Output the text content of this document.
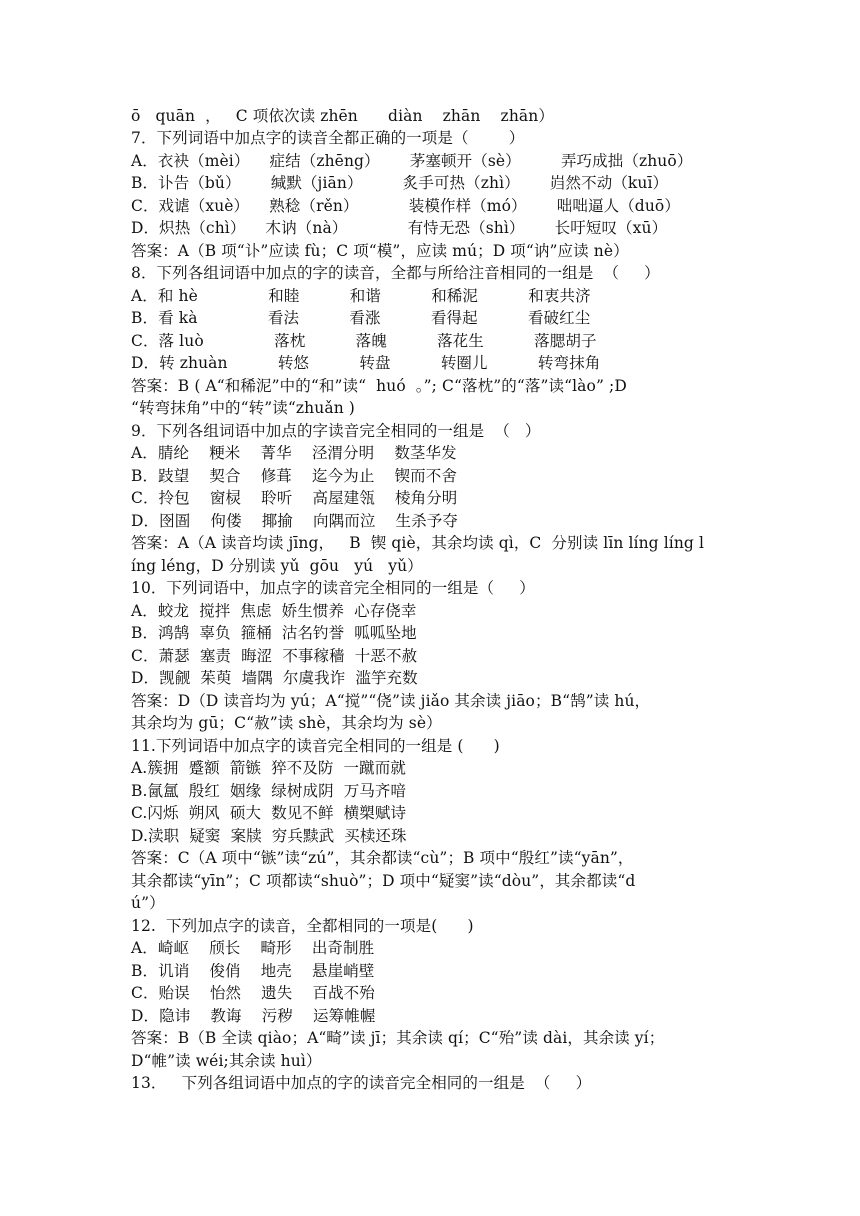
ō   quān  ，   C 项依次读 zhēn      diàn    zhān    zhān）
7．下列词语中加点字的读音全都正确的一项是（        ）
A．衣袂（mèi）    症结（zhēng）      茅塞顿开（sè）        弄巧成拙（zhuō）
B．讣告（bǔ）      缄默（jiān）        炙手可热（zhì）      岿然不动（kuī）
C．戏谑（xuè）    熟稔（rěn）          装模作样（mó）      咄咄逼人（duō）
D．炽热（chì）    木讷（nà）            有恃无恐（shì）      长吁短叹（xū）
答案：A（B 项“讣”应读 fù；C 项“模”，应读 mú；D 项“讷”应读 nè）
8．下列各组词语中加点的字的读音，全都与所给注音相同的一组是  （     ）
A．和 hè              和睦          和谐          和稀泥          和衷共济
B．看 kà              看法          看涨          看得起          看破红尘
C．落 luò              落枕          落魄          落花生          落腮胡子
D．转 zhuàn          转悠          转盘          转圈儿          转弯抹角
答案：B ( A“和稀泥”中的“和”读“  huó  。”; C“落枕”的“落”读“lào” ;D
“转弯抹角”中的“转”读“zhuǎn )
9．下列各组词语中加点的字读音完全相同的一组是  （   ）
A．腈纶    粳米    菁华    泾渭分明    数茎华发
B．跂望    契合    修葺    迄今为止    锲而不舍
C．拎包    窗棂    聆听    高屋建瓴    棱角分明
D．囹圄    佝偻    揶揄    向隅而泣    生杀予夺
答案：A（A 读音均读 jīng，   B  锲 qiè，其余均读 qì，C  分别读 līn líng líng l
íng léng，D 分别读 yǔ  gōu   yú   yǔ）
10．下列词语中，加点字的读音完全相同的一组是（     ）
A．蛟龙  搅拌  焦虑  娇生惯养  心存侥幸
B．鸿鹄  辜负  箍桶  沽名钓誉  呱呱坠地
C．萧瑟  塞责  晦涩  不事稼穑  十恶不赦
D．觊觎  茱萸  墙隅  尔虞我诈  滥竽充数
答案：D（D 读音均为 yú；A“搅”“侥”读 jiǎo 其余读 jiāo；B“鹄”读 hú，
其余均为 gū；C“赦”读 shè，其余均为 sè）
11.下列词语中加点字的读音完全相同的一组是 (      )
A.簇拥  蹙额  箭镞  猝不及防  一蹴而就
B.氤氲  殷红  姻缘  绿树成阴  万马齐喑
C.闪烁  朔风  硕大  数见不鲜  横槊赋诗
D.渎职  疑窦  案牍  穷兵黩武  买椟还珠
答案：C（A 项中“镞”读“zú”，其余都读“cù”；B 项中“殷红”读“yān”，
其余都读“yīn”；C 项都读“shuò”；D 项中“疑窦”读“dòu”，其余都读“d
ú”）
12.  下列加点字的读音，全都相同的一项是(      )
A．崎岖    颀长    畸形    出奇制胜
B．讥诮    俊俏    地壳    悬崖峭壁
C．贻误    怡然    遗失    百战不殆
D．隐讳    教诲    污秽    运筹帷幄
答案：B（B 全读 qiào；A“畸”读 jī；其余读 qí；C“殆”读 dài，其余读 yí；
D“帷”读 wéi;其余读 huì）
13．   下列各组词语中加点的字的读音完全相同的一组是  （     ）
